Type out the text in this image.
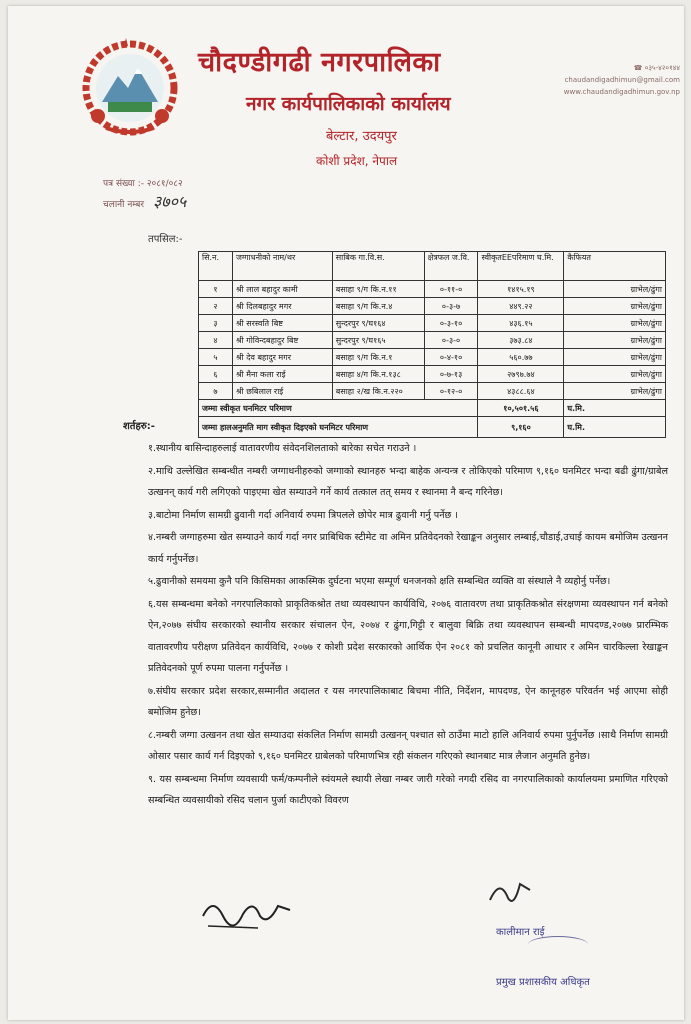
चौदण्डीगढी नगरपालिका
नगर कार्यपालिकाको कार्यालय
बेल्टार, उदयपुर
कोशी प्रदेश, नेपाल
☎ ०३५-४२०१४४
chaudandigadhimun@gmail.com
www.chaudandigadhimun.gov.np
पत्र संख्या :- २०८१/०८२
चलानी नम्बर ३७०५
तपसिल:-
सि.न.	जग्गाधनीको नाम/थर	साबिक गा.वि.स.	क्षेत्रफल ज.वि.	स्वीकृतEEपरिमाण घ.मि.	कैफियत
१	श्री लाल बहादुर कामी	बसाहा ९/ग कि.न.११	०-११-०	१४१५.१९	ग्राभेल/ढुंगा
२	श्री दिलबहादुर मगर	बसाहा ९/ग कि.न.४	०-३-७	४४९.२२	ग्राभेल/ढुंगा
३	श्री सरस्वति बिष्ट	सुन्दरपुर ९/घ१६४	०-३-१०	४३६.१५	ग्राभेल/ढुंगा
४	श्री गोविन्दबहादुर बिष्ट	सुन्दरपुर ९/घ१६५	०-३-०	३७३.८४	ग्राभेल/ढुंगा
५	श्री देव बहादुर मगर	बसाहा ९/ग कि.न.१	०-४-१०	५६०.७७	ग्राभेल/ढुंगा
६	श्री मैना कला राई	बसाहा ४/ग कि.न.१३८	०-७-१३	२७९७.७४	ग्राभेल/ढुंगा
७	श्री छबिलाल राई	बसाहा २/ख कि.न.२२०	०-१२-०	४३८८.६४	ग्राभेल/ढुंगा
जम्मा स्वीकृत घनमिटर परिमाण				१०,५०१.५६	घ.मि.
जम्मा हालअनुमति माग स्वीकृत दिइएको घनमिटर परिमाण				९,१६०	घ.मि.
शर्तहरु:-

१.स्थानीय बासिन्दाहरुलाई वातावरणीय संवेदनशिलताको बारेका सचेत गराउने ।

२.माथि उल्लेखित सम्बन्धीत नम्बरी जग्गाधनीहरुको जग्गाको स्थानहरु भन्दा बाहेक अन्यन्त्र र तोकिएको परिमाण ९,१६० घनमिटर भन्दा बढी ढुंगा/ग्राबेल उत्खनन् कार्य गरी लगिएको पाइएमा खेत सम्याउने गर्ने कार्य तत्काल तत् समय र स्थानमा नै बन्द गरिनेछ।

३.बाटोमा निर्माण सामग्री ढुवानी गर्दा अनिवार्य रुपमा त्रिपलले छोपेर मात्र ढुवानी गर्नु पर्नेछ ।

४.नम्बरी जग्गाहरुमा खेत सम्याउने कार्य गर्दा नगर प्राबिधिक स्टीमेट वा अमिन प्रतिवेदनको रेखाङ्कन अनुसार लम्बाई,चौडाई,उचाई कायम बमोजिम उत्खनन कार्य गर्नुपर्नेछ।

५.ढुवानीको समयमा कुनै पनि किसिमका आकस्मिक दुर्घटना भएमा सम्पूर्ण धनजनको क्षति सम्बन्धित व्यक्ति वा संस्थाले नै व्यहोर्नु पर्नेछ।

६.यस सम्बन्धमा बनेको नगरपालिकाको प्राकृतिकश्रोत तथा व्यवस्थापन कार्यविधि, २०७६ वातावरण तथा प्राकृतिकश्रोत संरक्षणमा व्यवस्थापन गर्न बनेको ऐन,२०७७ संघीय सरकारको स्थानीय सरकार संचालन ऐन, २०७४ र ढुंगा,गिट्टी र बालुवा बिक्रि तथा व्यवस्थापन सम्बन्धी मापदण्ड,२०७७ प्रारम्भिक वातावरणीय परीक्षण प्रतिवेदन कार्यविधि, २०७७ र कोशी प्रदेश सरकारको आर्थिक ऐन २०८१ को प्रचलित कानूनी आधार र अमिन चारकिल्ला रेखाङ्कन प्रतिवेदनको पूर्ण रुपमा पालना गर्नुपर्नेछ ।

७.संघीय सरकार प्रदेश सरकार,सम्मानीत अदालत र यस नगरपालिकाबाट बिचमा नीति, निर्देशन, मापदण्ड, ऐन कानूनहरु परिवर्तन भई आएमा सोही बमोजिम हुनेछ।

८.नम्बरी जग्गा उत्खनन तथा खेत सम्याउदा संकलित निर्माण सामग्री उत्खनन् पश्चात सो ठाउँमा माटो हालि अनिवार्य रुपमा पुर्नुपर्नेछ ।साथै निर्माण सामग्री ओसार पसार कार्य गर्न दिइएको ९,१६० घनमिटर ग्राबेलको परिमाणभित्र रही संकलन गरिएको स्थानबाट मात्र लैजान अनुमति हुनेछ।

९. यस सम्बन्धमा निर्माण व्यवसायी फर्म/कम्पनीले स्वंयमले स्थायी लेखा नम्बर जारी गरेको नगदी रसिद वा नगरपालिकाको कार्यालयमा प्रमाणित गरिएको सम्बन्धित व्यवसायीको रसिद चलान पुर्जा काटीएको विवरण

कालीमान राई
प्रमुख प्रशासकीय अधिकृत
